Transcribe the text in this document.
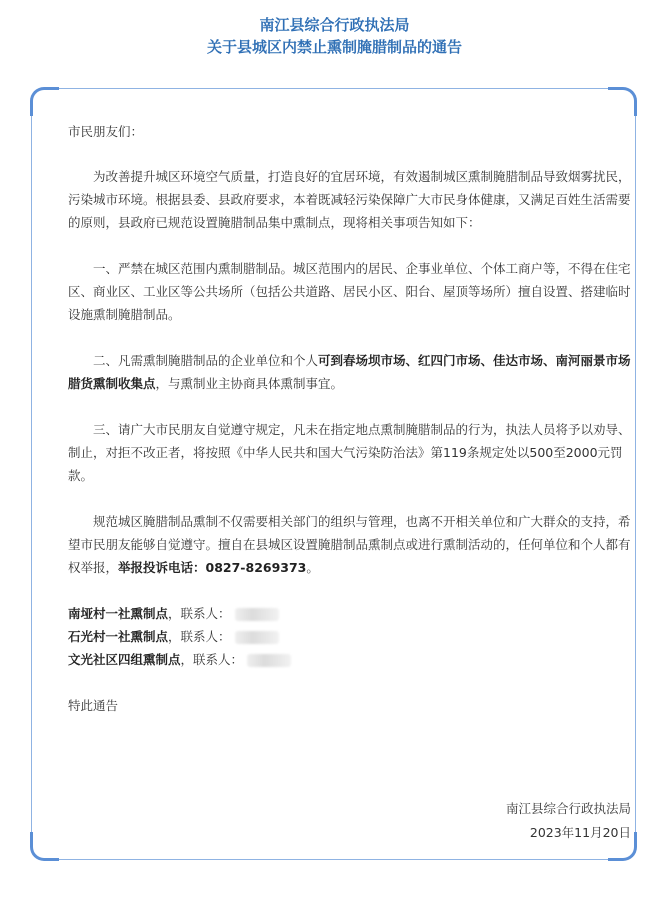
南江县综合行政执法局
关于县城区内禁止熏制腌腊制品的通告
市民朋友们：
为改善提升城区环境空气质量，打造良好的宜居环境，有效遏制城区熏制腌腊制品导致烟雾扰民，污染城市环境。根据县委、县政府要求，本着既减轻污染保障广大市民身体健康，又满足百姓生活需要的原则，县政府已规范设置腌腊制品集中熏制点，现将相关事项告知如下：
一、严禁在城区范围内熏制腊制品。城区范围内的居民、企事业单位、个体工商户等，不得在住宅区、商业区、工业区等公共场所（包括公共道路、居民小区、阳台、屋顶等场所）擅自设置、搭建临时设施熏制腌腊制品。
二、凡需熏制腌腊制品的企业单位和个人可到春场坝市场、红四门市场、佳达市场、南河丽景市场腊货熏制收集点，与熏制业主协商具体熏制事宜。
三、请广大市民朋友自觉遵守规定，凡未在指定地点熏制腌腊制品的行为，执法人员将予以劝导、制止，对拒不改正者，将按照《中华人民共和国大气污染防治法》第119条规定处以500至2000元罚款。
规范城区腌腊制品熏制不仅需要相关部门的组织与管理，也离不开相关单位和广大群众的支持，希望市民朋友能够自觉遵守。擅自在县城区设置腌腊制品熏制点或进行熏制活动的，任何单位和个人都有权举报，举报投诉电话：0827-8269373。
南垭村一社熏制点，联系人：
石光村一社熏制点，联系人：
文光社区四组熏制点，联系人：
特此通告
南江县综合行政执法局
2023年11月20日
